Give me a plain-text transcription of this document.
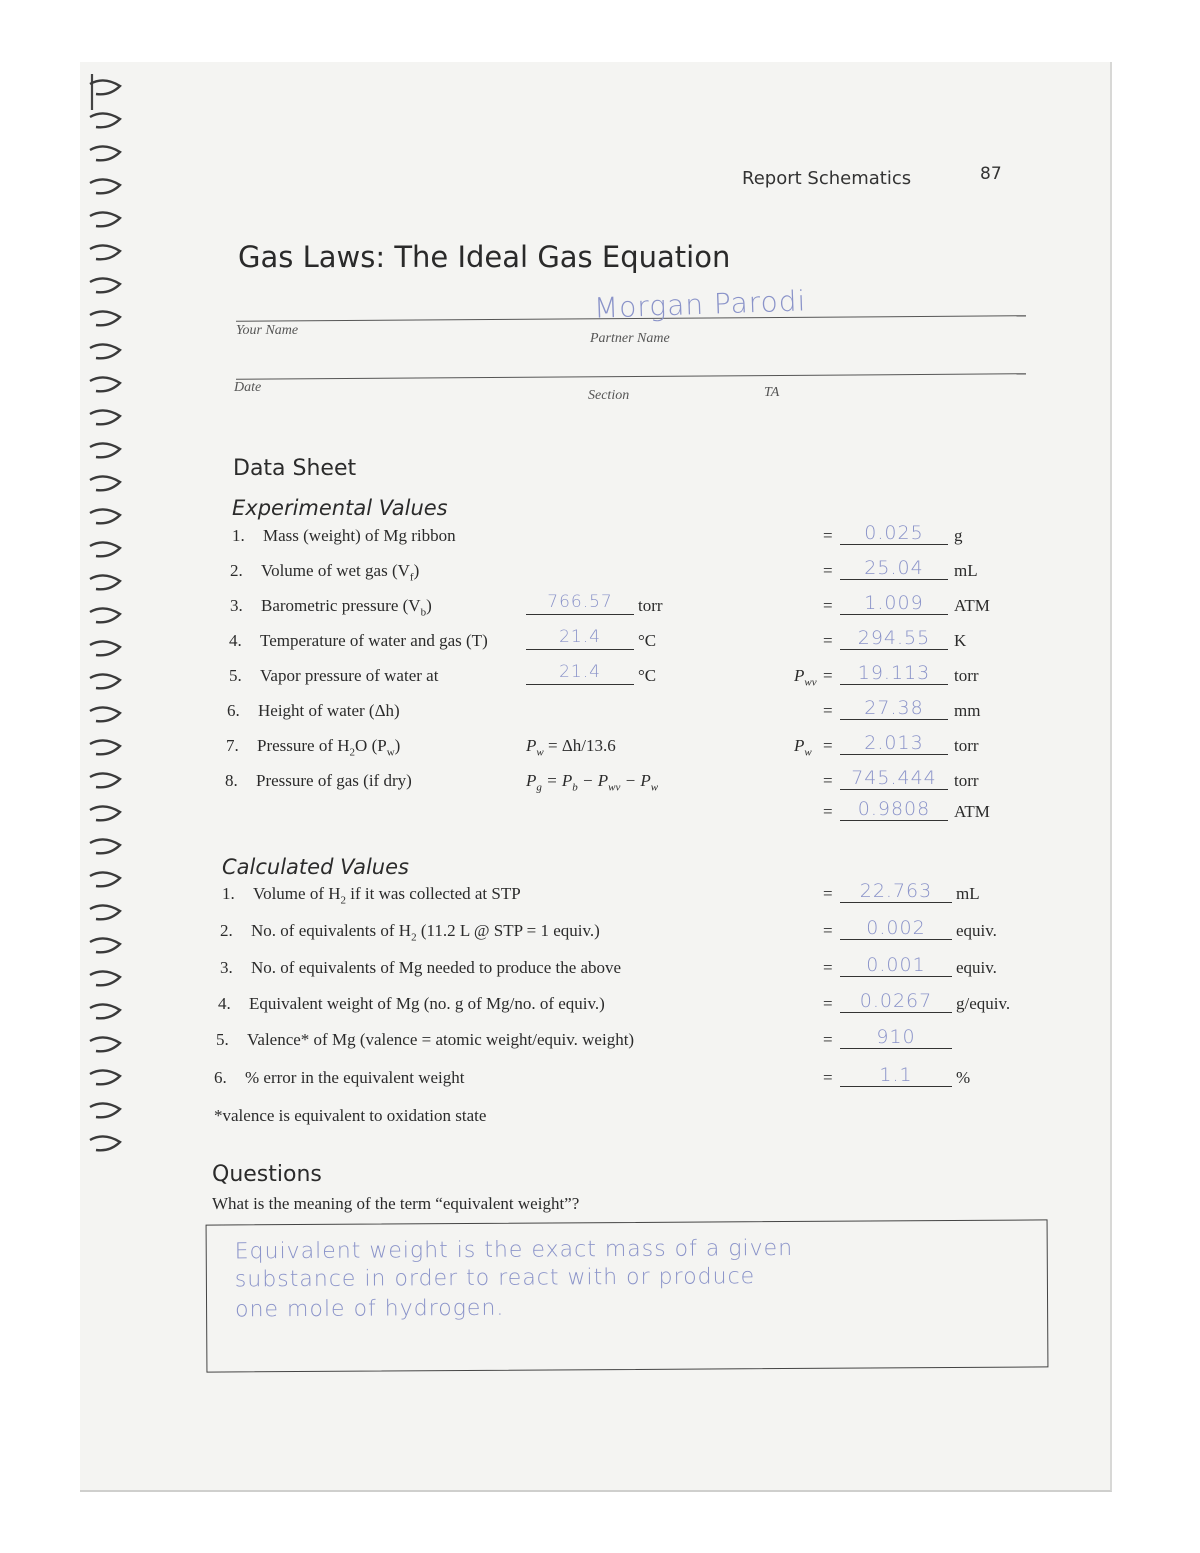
Report Schematics	87
Gas Laws: The Ideal Gas Equation
Your Name
Partner Name
Morgan Parodi
Date
Section	TA
Data Sheet
Experimental Values
1. Mass (weight) of Mg ribbon	=	0.025	g
2. Volume of wet gas $(V_f)$	=	25.04	mL
3. Barometric pressure $(V_b)$	766.57	torr	=	1.009	ATM
4. Temperature of water and gas (T)	21.4	°C	=	294.55	K
5. Vapor pressure of water at	21.4	°C	$P_{wv}$ =	19.113	torr
6. Height of water (Δh)	=	27.38	mm
7. Pressure of $H_2O$ $(P_w)$	$P_w = \Delta h/13.6$	$P_w$ =	2.013	torr
8. Pressure of gas (if dry)	$P_g = P_b - P_{wv} - P_w$	= 745.444	torr
=	0.9808	ATM
Calculated Values
1. Volume of $H_2$ if it was collected at STP	=	22.763	mL
2. No. of equivalents of $H_2$ (11.2 L @ STP = 1 equiv.)	=	0.002	equiv.
3. No. of equivalents of Mg needed to produce the above	=	0.001	equiv.
4. Equivalent weight of Mg (no. g of Mg/no. of equiv.)	=	0.0267	g/equiv.
5. Valence* of Mg (valence = atomic weight/equiv. weight)	=	910
6. % error in the equivalent weight	=	1.1	%
*valence is equivalent to oxidation state
Questions
What is the meaning of the term “equivalent weight”?
Equivalent weight is the exact mass of a given
substance in order to react with or produce
one mole of hydrogen.
